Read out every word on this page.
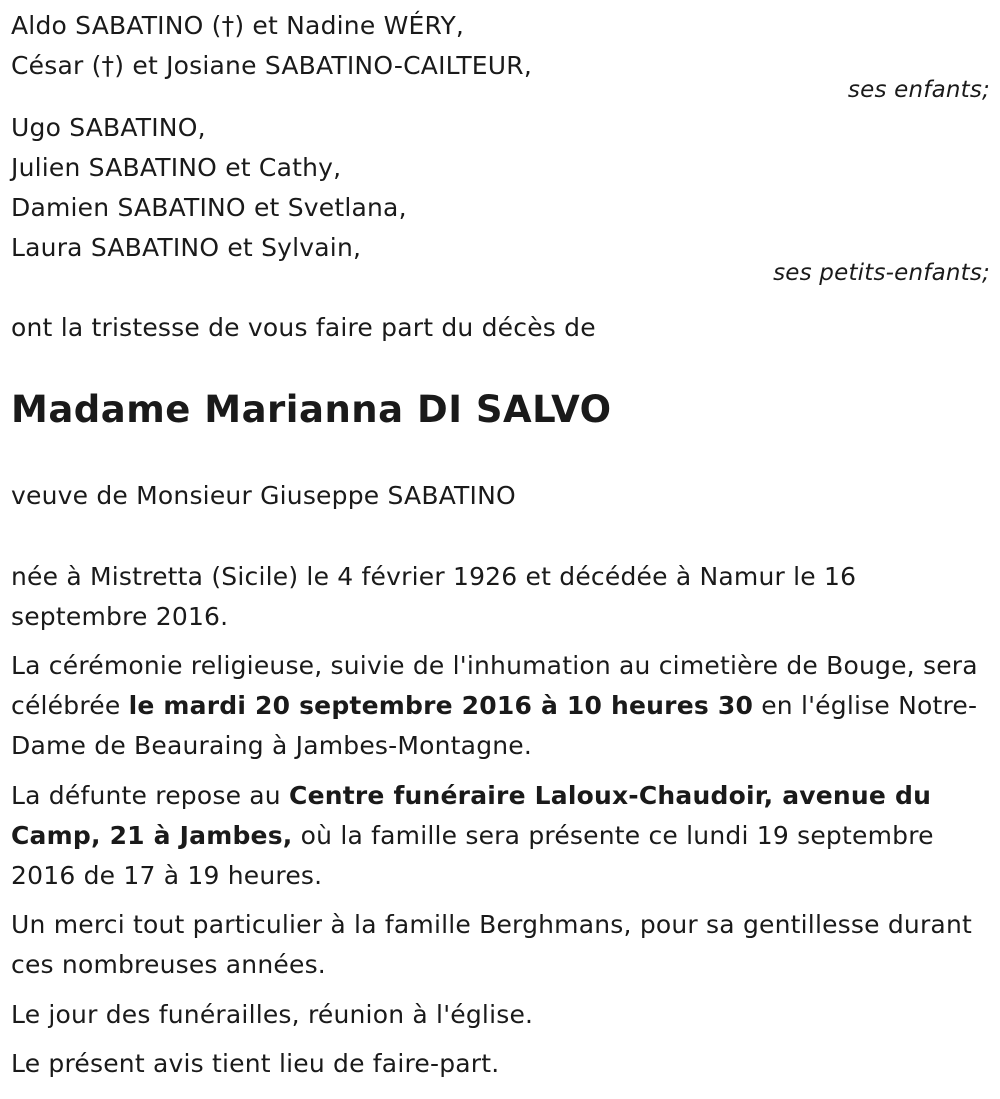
Aldo SABATINO (†) et Nadine WÉRY,
César (†) et Josiane SABATINO-CAILTEUR,
ses enfants;
Ugo SABATINO,
Julien SABATINO et Cathy,
Damien SABATINO et Svetlana,
Laura SABATINO et Sylvain,
ses petits-enfants;
ont la tristesse de vous faire part du décès de
Madame Marianna DI SALVO
veuve de Monsieur Giuseppe SABATINO
née à Mistretta (Sicile) le 4 février 1926 et décédée à Namur le 16 septembre 2016.
La cérémonie religieuse, suivie de l'inhumation au cimetière de Bouge, sera célébrée le mardi 20 septembre 2016 à 10 heures 30 en l'église Notre-Dame de Beauraing à Jambes-Montagne.
La défunte repose au Centre funéraire Laloux-Chaudoir, avenue du Camp, 21 à Jambes, où la famille sera présente ce lundi 19 septembre 2016 de 17 à 19 heures.
Un merci tout particulier à la famille Berghmans, pour sa gentillesse durant ces nombreuses années.
Le jour des funérailles, réunion à l'église.
Le présent avis tient lieu de faire-part.
